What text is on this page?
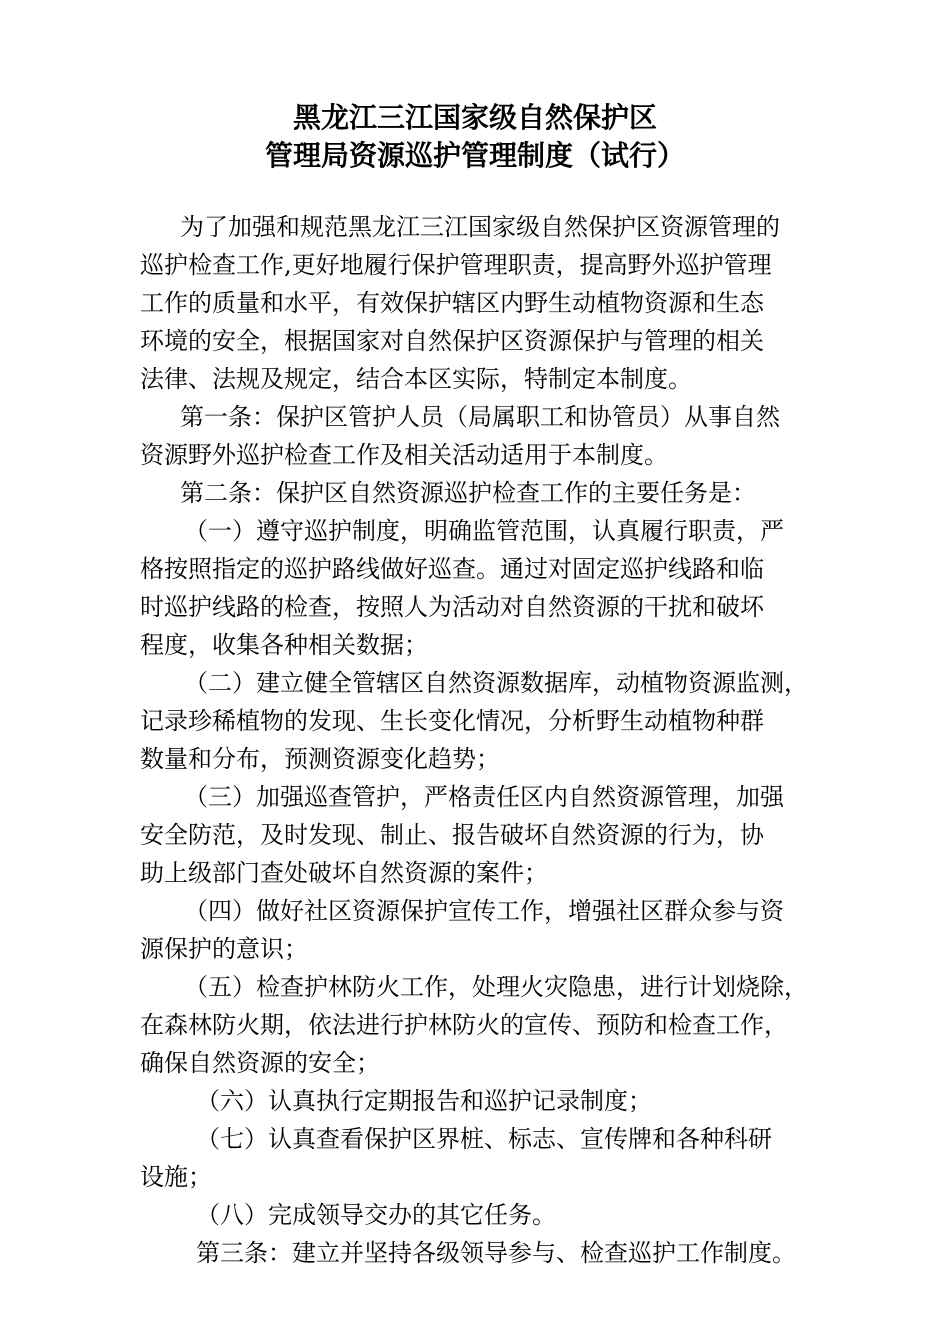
黑龙江三江国家级自然保护区
管理局资源巡护管理制度（试行）
为了加强和规范黑龙江三江国家级自然保护区资源管理的
巡护检查工作,更好地履行保护管理职责，提高野外巡护管理
工作的质量和水平，有效保护辖区内野生动植物资源和生态
环境的安全，根据国家对自然保护区资源保护与管理的相关
法律、法规及规定，结合本区实际，特制定本制度。
第一条：保护区管护人员（局属职工和协管员）从事自然
资源野外巡护检查工作及相关活动适用于本制度。
第二条：保护区自然资源巡护检查工作的主要任务是：
（一）遵守巡护制度，明确监管范围，认真履行职责，严
格按照指定的巡护路线做好巡查。通过对固定巡护线路和临
时巡护线路的检查，按照人为活动对自然资源的干扰和破坏
程度，收集各种相关数据；
（二）建立健全管辖区自然资源数据库，动植物资源监测，
记录珍稀植物的发现、生长变化情况，分析野生动植物种群
数量和分布，预测资源变化趋势；
（三）加强巡查管护，严格责任区内自然资源管理，加强
安全防范，及时发现、制止、报告破坏自然资源的行为，协
助上级部门查处破坏自然资源的案件；
（四）做好社区资源保护宣传工作，增强社区群众参与资
源保护的意识；
（五）检查护林防火工作，处理火灾隐患，进行计划烧除，
在森林防火期，依法进行护林防火的宣传、预防和检查工作，
确保自然资源的安全；
（六）认真执行定期报告和巡护记录制度；
（七）认真查看保护区界桩、标志、宣传牌和各种科研
设施；
（八）完成领导交办的其它任务。
第三条：建立并坚持各级领导参与、检查巡护工作制度。
